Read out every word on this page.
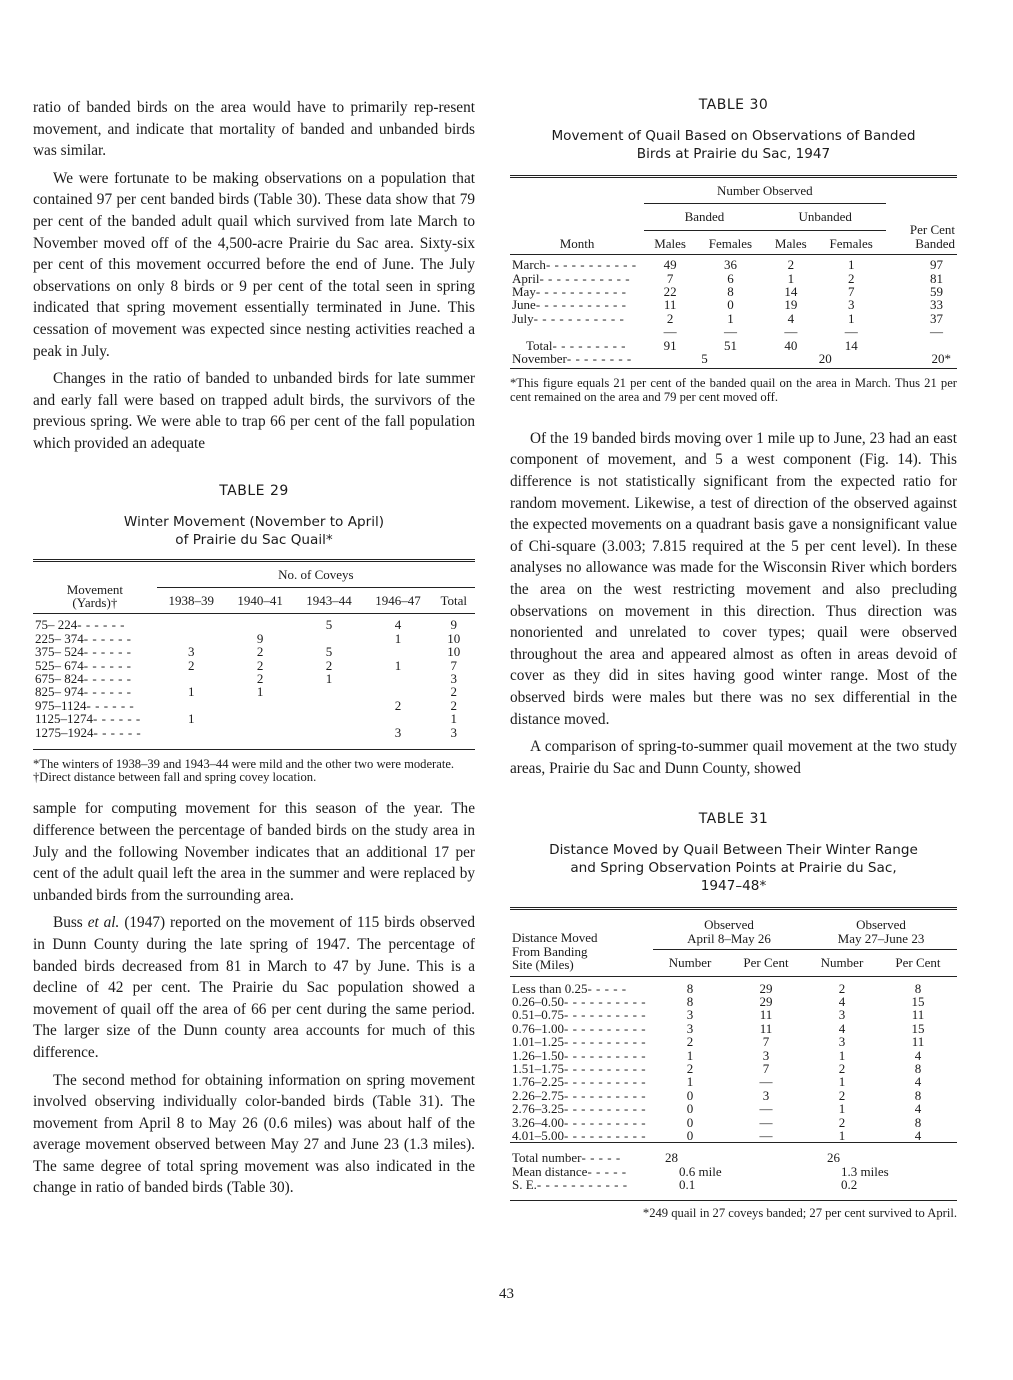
ratio of banded birds on the area would have to primarily rep-resent movement, and indicate that mortality of banded and unbanded birds was similar.

We were fortunate to be making observations on a population that contained 97 per cent banded birds (Table 30). These data show that 79 per cent of the banded adult quail which survived from late March to November moved off of the 4,500-acre Prairie du Sac area. Sixty-six per cent of this movement occurred before the end of June. The July observations on only 8 birds or 9 per cent of the total seen in spring indicated that spring movement essentially terminated in June. This cessation of movement was expected since nesting activities reached a peak in July.

Changes in the ratio of banded to unbanded birds for late summer and early fall were based on trapped adult birds, the survivors of the previous spring. We were able to trap 66 per cent of the fall population which provided an adequate

TABLE 29

Winter Movement (November to April)

of Prairie du Sac Quail*

Movement
(Yards)†	No. of Coveys				
	1938–39	1940–41	1943–44	1946–47	Total
75– 224- - - - - -			5	4	9
225– 374- - - - - -		9		1	10
375– 524- - - - - -	3	2	5		10
525– 674- - - - - -	2	2	2	1	7
675– 824- - - - - -		2	1		3
825– 974- - - - - -	1	1			2
975–1124- - - - - -				2	2
1125–1274- - - - - -	1				1
1275–1924- - - - - -				3	3

*The winters of 1938–39 and 1943–44 were mild and the other two were moderate.

†Direct distance between fall and spring covey location.

sample for computing movement for this season of the year. The difference between the percentage of banded birds on the study area in July and the following November indicates that an additional 17 per cent of the adult quail left the area in the summer and were replaced by unbanded birds from the surrounding area.

Buss et al. (1947) reported on the movement of 115 birds observed in Dunn County during the late spring of 1947. The percentage of banded birds decreased from 81 in March to 47 by June. This is a decline of 42 per cent. The Prairie du Sac population showed a movement of quail off the area of 66 per cent during the same period. The larger size of the Dunn county area accounts for much of this difference.

The second method for obtaining information on spring movement involved observing individually color-banded birds (Table 31). The movement from April 8 to May 26 (0.6 miles) was about half of the average movement observed between May 27 and June 23 (1.3 miles). The same degree of total spring movement was also indicated in the change in ratio of banded birds (Table 30).

TABLE 30

Movement of Quail Based on Observations of Banded

Birds at Prairie du Sac, 1947

Month	Number Observed				Per Cent
Banded
	Banded		Unbanded		
	Males	Females	Males	Females	
March- - - - - - - - - - -	49	36	2	1	97
April- - - - - - - - - - -	7	6	1	2	81
May- - - - - - - - - - -	22	8	14	7	59
June- - - - - - - - - - -	11	0	19	3	33
July- - - - - - - - - - -	2	1	4	1	37
	—	—	—	—	—
Total- - - - - - - - -	91	51	40	14	
November- - - - - - - -	5		20		20*

*This figure equals 21 per cent of the banded quail on the area in March. Thus 21 per cent remained on the area and 79 per cent moved off.

Of the 19 banded birds moving over 1 mile up to June, 23 had an east component of movement, and 5 a west component (Fig. 14). This difference is not statistically significant from the expected ratio for random movement. Likewise, a test of direction of the observed against the expected movements on a quadrant basis gave a nonsignificant value of Chi-square (3.003; 7.815 required at the 5 per cent level). In these analyses no allowance was made for the Wisconsin River which borders the area on the west restricting movement and also precluding observations on movement in this direction. Thus direction was nonoriented and unrelated to cover types; quail were observed throughout the area and appeared almost as often in areas devoid of cover as they did in sites having good winter range. Most of the observed birds were males but there was no sex differential in the distance moved.

A comparison of spring-to-summer quail movement at the two study areas, Prairie du Sac and Dunn County, showed

TABLE 31

Distance Moved by Quail Between Their Winter Range

and Spring Observation Points at Prairie du Sac,

1947–48*

Distance Moved
From Banding
Site (Miles)	Observed
April 8–May 26		Observed
May 27–June 23	
	Number	Per Cent	Number	Per Cent
Less than 0.25- - - - -	8	29	2	8
0.26–0.50- - - - - - - - - -	8	29	4	15
0.51–0.75- - - - - - - - - -	3	11	3	11
0.76–1.00- - - - - - - - - -	3	11	4	15
1.01–1.25- - - - - - - - - -	2	7	3	11
1.26–1.50- - - - - - - - - -	1	3	1	4
1.51–1.75- - - - - - - - - -	2	7	2	8
1.76–2.25- - - - - - - - - -	1	—	1	4
2.26–2.75- - - - - - - - - -	0	3	2	8
2.76–3.25- - - - - - - - - -	0	—	1	4
3.26–4.00- - - - - - - - - -	0	—	2	8
4.01–5.00- - - - - - - - - -	0	—	1	4
Total number- - - - -	28		26	
Mean distance- - - - -	0.6 mile		1.3 miles	
S. E.- - - - - - - - - - -	0.1		0.2	

*249 quail in 27 coveys banded; 27 per cent survived to April.

43
